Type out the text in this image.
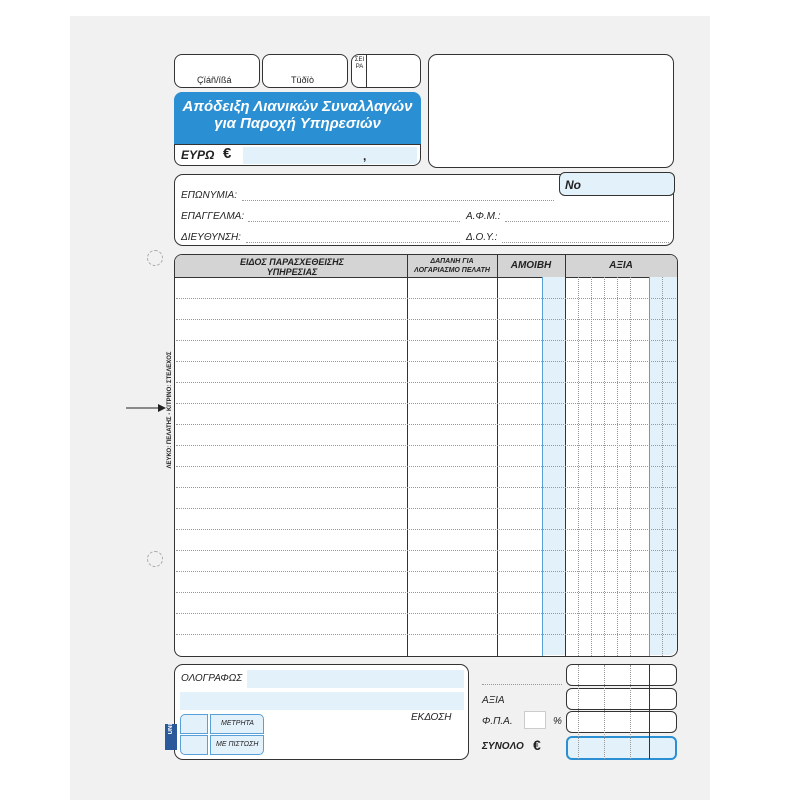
ΛΕΥΚΟ: ΠΕΛΑΤΗΣ - ΚΙΤΡΙΝΟ: ΣΤΕΛΕΧΟΣ
Çïáñ/ïßá	Tüðïò
ΣΕΙΡΑ
Απόδειξη Λιανικών Συναλλαγών
για Παροχή Υπηρεσιών
ΕΥΡΩ €	,
No
ΕΠΩΝΥΜΙΑ:
ΕΠΑΓΓΕΛΜΑ:	Α.Φ.Μ.:
ΔΙΕΥΘΥΝΣΗ:	Δ.Ο.Υ.:
ΕΙΔΟΣ ΠΑΡΑΣΧΕΘΕΙΣΗΣ ΥΠΗΡΕΣΙΑΣ
ΔΑΠΑΝΗ ΓΙΑ ΛΟΓΑΡΙΑΣΜΟ ΠΕΛΑΤΗ	ΑΜΟΙΒΗ	ΑΞΙΑ
ΟΛΟΓΡΑΦΩΣ
ΕΚΔΟΣΗ
ΜΕΤΡΗΤΑ
ΜΕ ΠΙΣΤΩΣΗ
UNI
ΑΞΙΑ
Φ.Π.Α.	%
ΣΥΝΟΛΟ €
